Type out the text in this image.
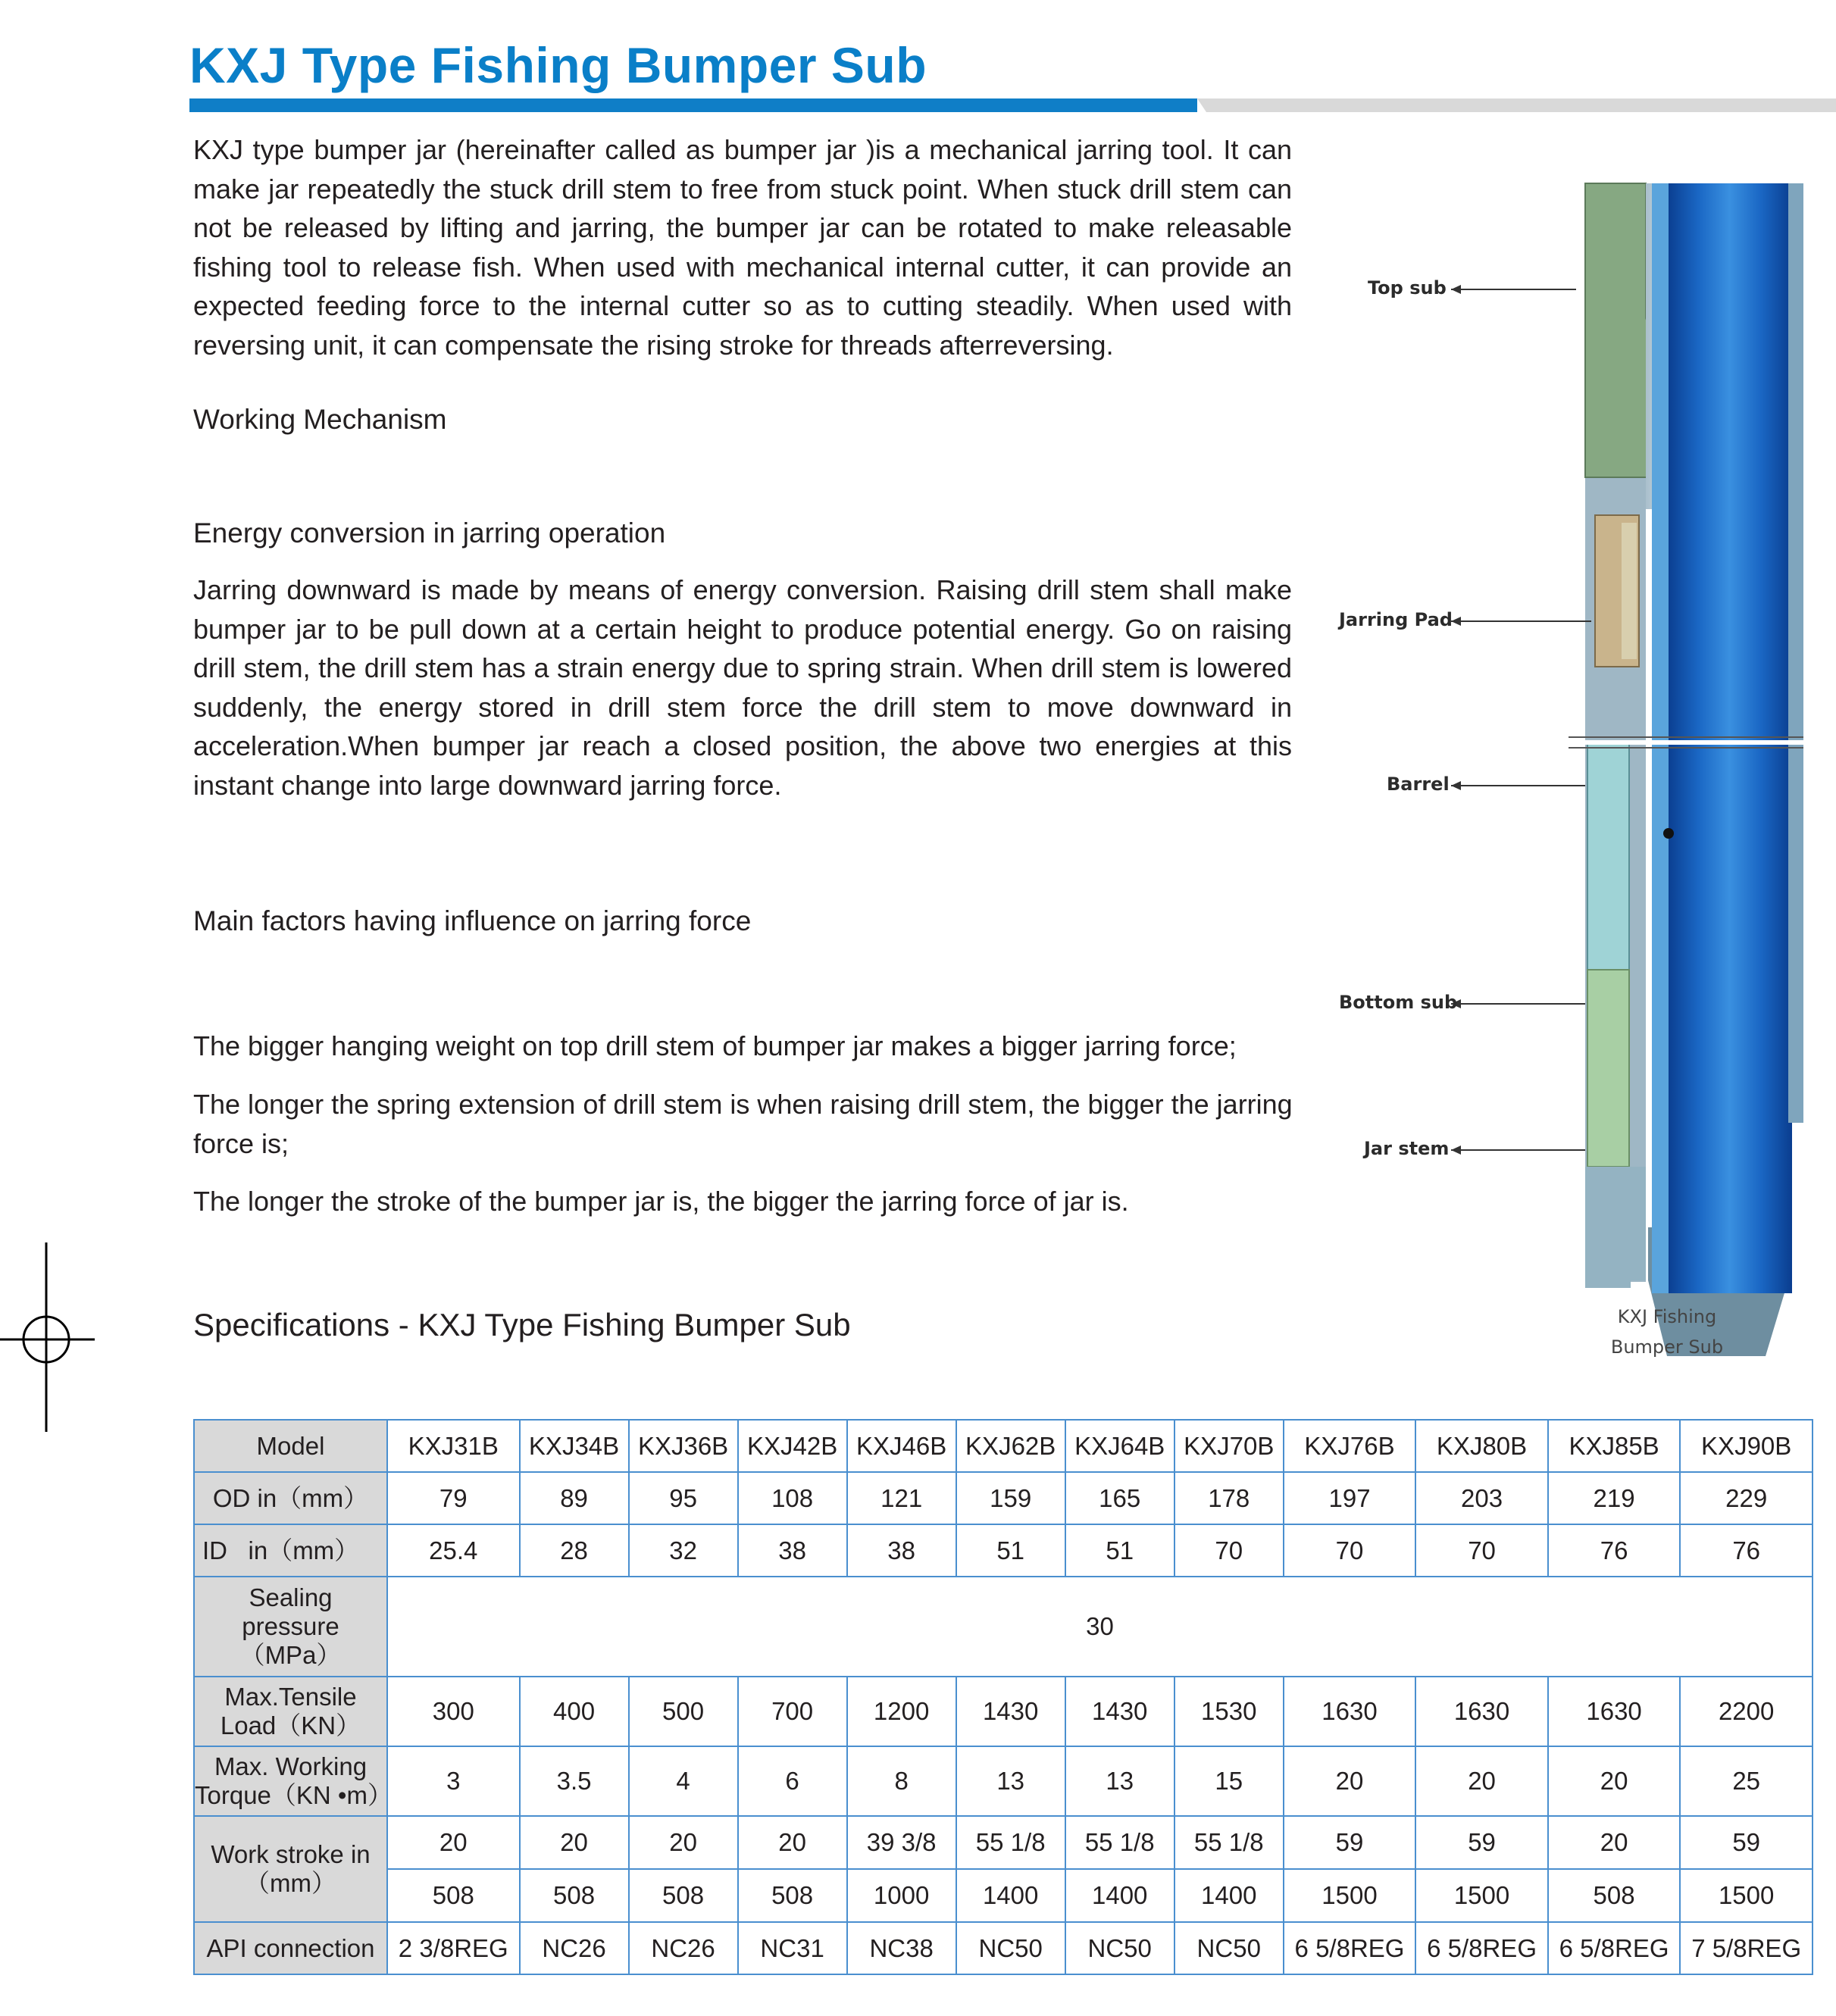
KXJ Type Fishing Bumper Sub

KXJ type bumper jar (hereinafter called as bumper jar )is a mechanical jarring tool. It can make jar repeatedly the stuck drill stem to free from stuck point. When stuck drill stem can not be released by lifting and jarring, the bumper jar can be rotated to make releasable fishing tool to release fish. When used with mechanical internal cutter, it can provide an expected feeding force to the internal cutter so as to cutting steadily. When used with reversing unit, it can compensate the rising stroke for threads afterreversing.

Working Mechanism
Energy conversion in jarring operation

Jarring downward is made by means of energy conversion. Raising drill stem shall make bumper jar to be pull down at a certain height to produce potential energy. Go on raising drill stem, the drill stem has a strain energy due to spring strain. When drill stem is lowered suddenly, the energy stored in drill stem force the drill stem to move downward in acceleration.When bumper jar reach a closed position, the above two energies at this instant change into large downward jarring force.

Main factors having influence on jarring force

The bigger hanging weight on top drill stem of bumper jar makes a bigger jarring force;

The longer the spring extension of drill stem is when raising drill stem, the bigger the jarring force is;

The longer the stroke of the bumper jar is, the bigger the jarring force of jar is.

Top sub
Jarring Pad
Barrel
Bottom sub
Jar stem
KXJ Fishing
Bumper Sub
Specifications - KXJ Type Fishing Bumper Sub
Model	KXJ31B	KXJ34B	KXJ36B	KXJ42B	KXJ46B	KXJ62B	KXJ64B	KXJ70B	KXJ76B	KXJ80B	KXJ85B	KXJ90B
OD in（mm）	79	89	95	108	121	159	165	178	197	203	219	229
ID   in（mm）	25.4	28	32	38	38	51	51	70	70	70	76	76

Sealing
pressure
（MPa）	30											

Max.Tensile
Load（KN）	300	400	500	700	1200	1430	1430	1530	1630	1630	1630	2200

Max. Working
Torque（KN •m）	3	3.5	4	6	8	13	13	15	20	20	20	25

Work stroke in
（mm）	20	20	20	20	39 3/8	55 1/8	55 1/8	55 1/8	59	59	20	59
	508	508	508	508	1000	1400	1400	1400	1500	1500	508	1500
API connection	2 3/8REG	NC26	NC26	NC31	NC38	NC50	NC50	NC50	6 5/8REG	6 5/8REG	6 5/8REG	7 5/8REG
